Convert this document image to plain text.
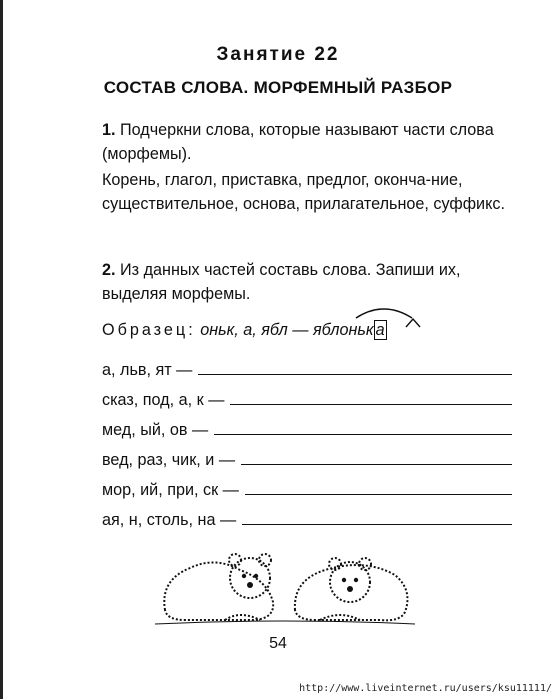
Занятие 22
СОСТАВ СЛОВА. МОРФЕМНЫЙ РАЗБОР
1. Подчеркни слова, которые называют части слова (морфемы).
Корень, глагол, приставка, предлог, оконча-ние, существительное, основа, прилагательное, суффикс.
2. Из данных частей составь слова. Запиши их, выделяя морфемы.
Образец: оньк, а, ябл — яблоньк а
а, льв, ят —
сказ, под, а, к —
мед, ый, ов —
вед, раз, чик, и —
мор, ий, при, ск —
ая, н, столь, на —
54
http://www.liveinternet.ru/users/ksu11111/
